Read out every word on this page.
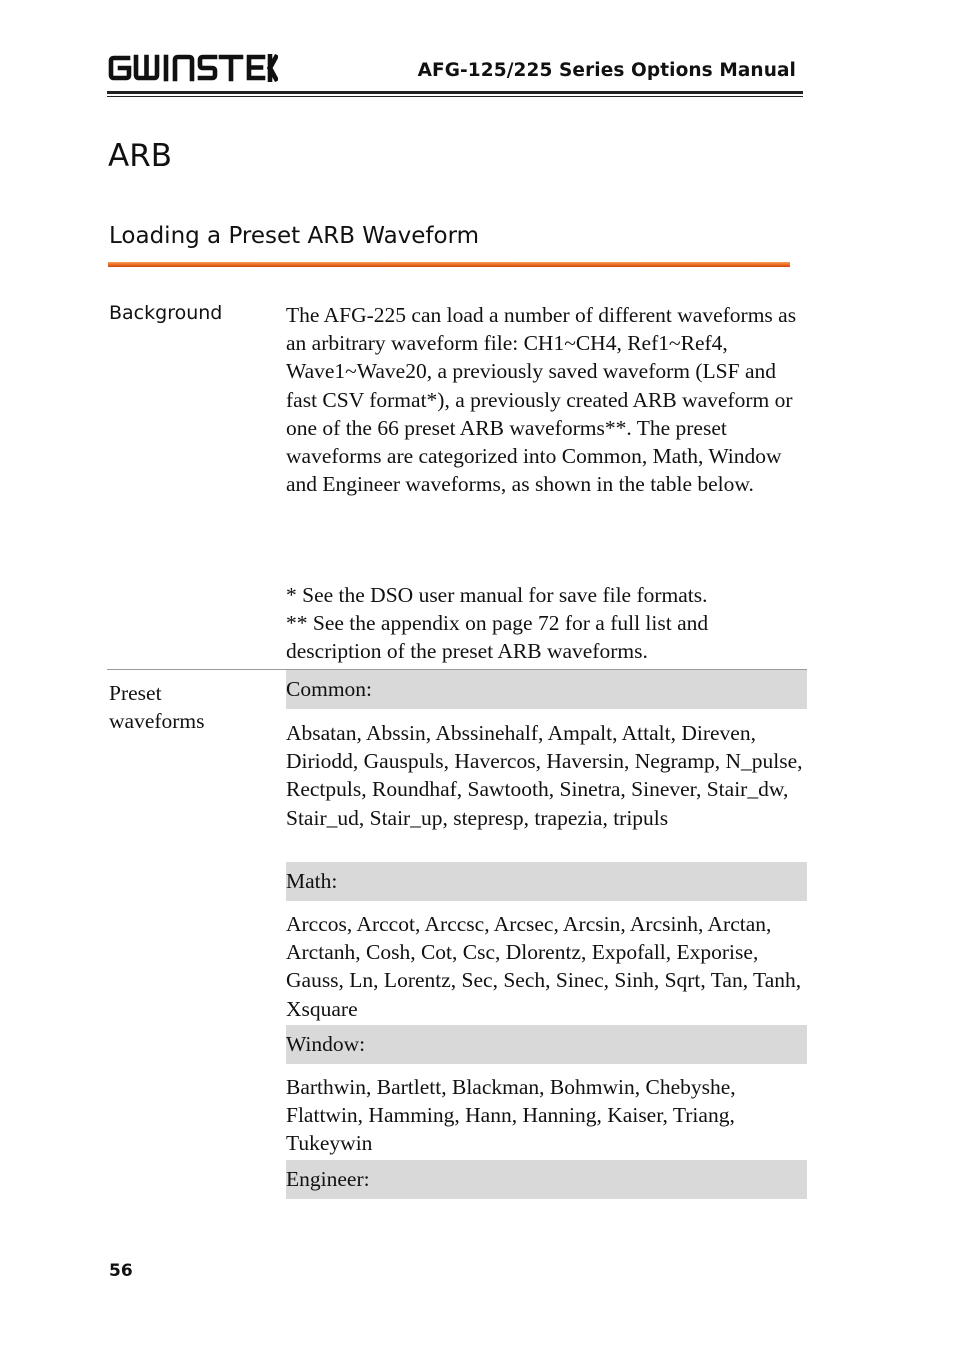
AFG-125/225 Series Options Manual
ARB
Loading a Preset ARB Waveform
Background	The AFG-225 can load a number of different waveforms as an arbitrary waveform file: CH1~CH4, Ref1~Ref4, Wave1~Wave20, a previously saved waveform (LSF and fast CSV format*), a previously created ARB waveform or one of the 66 preset ARB waveforms**. The preset waveforms are categorized into Common, Math, Window and Engineer waveforms, as shown in the table below.
* See the DSO user manual for save file formats.
** See the appendix on page 72 for a full list and description of the preset ARB waveforms.
Preset
waveforms
Common:
Absatan, Abssin, Abssinehalf, Ampalt, Attalt, Direven, Diriodd, Gauspuls, Havercos, Haversin, Negramp, N_pulse, Rectpuls, Roundhaf, Sawtooth, Sinetra, Sinever, Stair_dw, Stair_ud, Stair_up, stepresp, trapezia, tripuls
Math:
Arccos, Arccot, Arccsc, Arcsec, Arcsin, Arcsinh, Arctan, Arctanh, Cosh, Cot, Csc, Dlorentz, Expofall, Exporise, Gauss, Ln, Lorentz, Sec, Sech, Sinec, Sinh, Sqrt, Tan, Tanh, Xsquare
Window:
Barthwin, Bartlett, Blackman, Bohmwin, Chebyshe, Flattwin, Hamming, Hann, Hanning, Kaiser, Triang, Tukeywin
Engineer:
56
